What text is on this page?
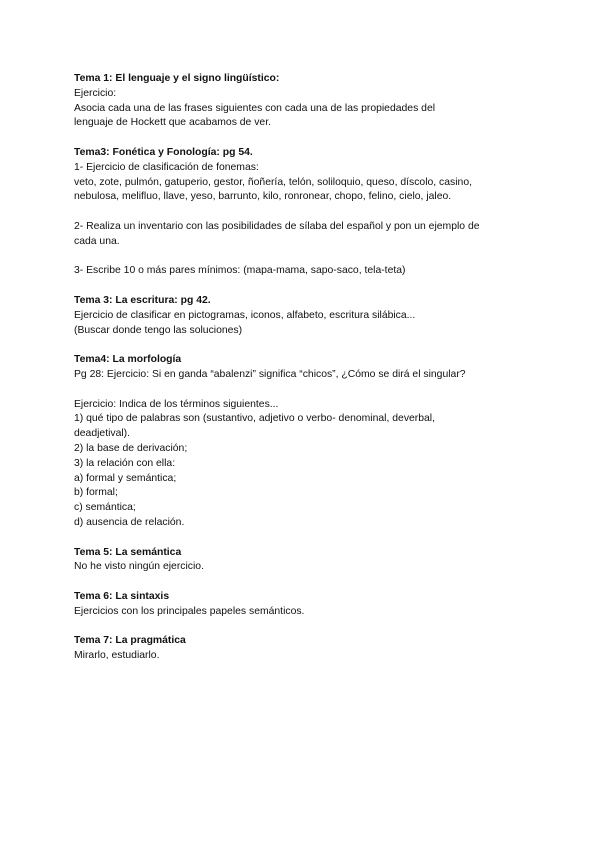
Tema 1: El lenguaje y el signo lingüístico:
Ejercicio:
Asocia cada una de las frases siguientes con cada una de las propiedades del
lenguaje de Hockett que acabamos de ver.
Tema3: Fonética y Fonología: pg 54.
1- Ejercicio de clasificación de fonemas:
veto, zote, pulmón, gatuperio, gestor, ñoñería, telón, soliloquio, queso, díscolo, casino,
nebulosa, melifluo, llave, yeso, barrunto, kilo, ronronear, chopo, felino, cielo, jaleo.
2- Realiza un inventario con las posibilidades de sílaba del español y pon un ejemplo de
cada una.
3- Escribe 10 o más pares mínimos: (mapa-mama, sapo-saco, tela-teta)
Tema 3: La escritura: pg 42.
Ejercicio de clasificar en pictogramas, iconos, alfabeto, escritura silábica...
(Buscar donde tengo las soluciones)
Tema4: La morfología
Pg 28: Ejercicio: Si en ganda “abalenzi” significa “chicos”, ¿Cómo se dirá el singular?
Ejercicio: Indica de los términos siguientes...
1) qué tipo de palabras son (sustantivo, adjetivo o verbo- denominal, deverbal,
deadjetival).
2) la base de derivación;
3) la relación con ella:
a) formal y semántica;
b) formal;
c) semántica;
d) ausencia de relación.
Tema 5: La semántica
No he visto ningún ejercicio.
Tema 6: La sintaxis
Ejercicios con los principales papeles semánticos.
Tema 7: La pragmática
Mirarlo, estudiarlo.
